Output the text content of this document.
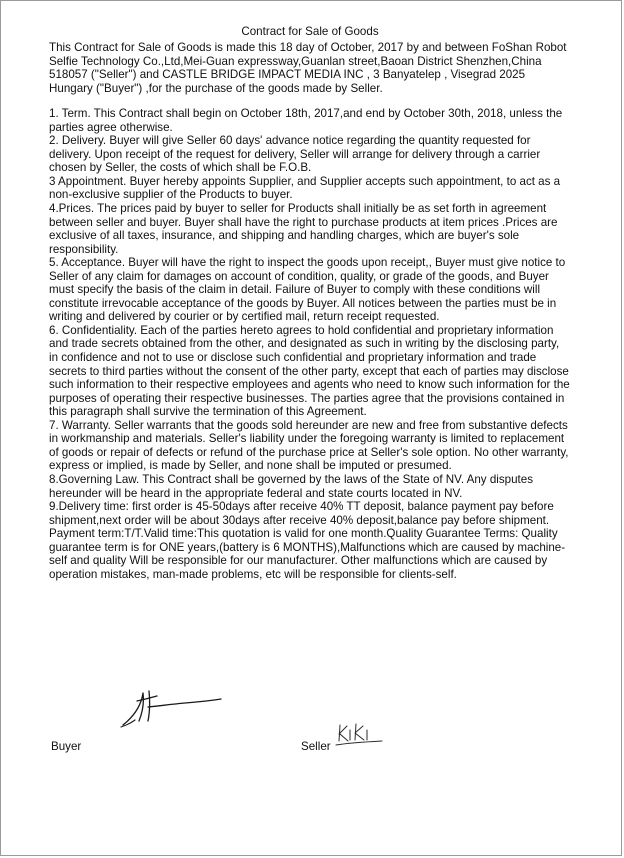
Contract for Sale of Goods

This Contract for Sale of Goods is made this 18 day of October, 2017 by and between FoShan Robot Selfie Technology Co.,Ltd,Mei-Guan expressway,Guanlan street,Baoan District Shenzhen,China 518057 ("Seller") and CASTLE BRIDGE IMPACT MEDIA INC , 3 Banyatelep , Visegrad 2025 Hungary ("Buyer") ,for the purchase of the goods made by Seller.

1. Term. This Contract shall begin on October 18th, 2017,and end by October 30th, 2018, unless the parties agree otherwise.

2. Delivery. Buyer will give Seller 60 days' advance notice regarding the quantity requested for delivery. Upon receipt of the request for delivery, Seller will arrange for delivery through a carrier chosen by Seller, the costs of which shall be F.O.B.

3 Appointment. Buyer hereby appoints Supplier, and Supplier accepts such appointment, to act as a non-exclusive supplier of the Products to buyer.

4.Prices. The prices paid by buyer to seller for Products shall initially be as set forth in agreement between seller and buyer. Buyer shall have the right to purchase products at item prices .Prices are exclusive of all taxes, insurance, and shipping and handling charges, which are buyer's sole responsibility.

5. Acceptance. Buyer will have the right to inspect the goods upon receipt,, Buyer must give notice to Seller of any claim for damages on account of condition, quality, or grade of the goods, and Buyer must specify the basis of the claim in detail. Failure of Buyer to comply with these conditions will constitute irrevocable acceptance of the goods by Buyer. All notices between the parties must be in writing and delivered by courier or by certified mail, return receipt requested.

6. Confidentiality. Each of the parties hereto agrees to hold confidential and proprietary information and trade secrets obtained from the other, and designated as such in writing by the disclosing party, in confidence and not to use or disclose such confidential and proprietary information and trade secrets to third parties without the consent of the other party, except that each of parties may disclose such information to their respective employees and agents who need to know such information for the purposes of operating their respective businesses. The parties agree that the provisions contained in this paragraph shall survive the termination of this Agreement.

7. Warranty. Seller warrants that the goods sold hereunder are new and free from substantive defects in workmanship and materials. Seller's liability under the foregoing warranty is limited to replacement of goods or repair of defects or refund of the purchase price at Seller's sole option. No other warranty, express or implied, is made by Seller, and none shall be imputed or presumed.

8.Governing Law. This Contract shall be governed by the laws of the State of NV. Any disputes hereunder will be heard in the appropriate federal and state courts located in NV.

9.Delivery time: first order is 45-50days after receive 40% TT deposit, balance payment pay before shipment,next order will be about 30days after receive 40% deposit,balance pay before shipment. Payment term:T/T.Valid time:This quotation is valid for one month.Quality Guarantee Terms: Quality guarantee term is for ONE years,(battery is 6 MONTHS),Malfunctions which are caused by machine-self and quality Will be responsible for our manufacturer. Other malfunctions which are caused by operation mistakes, man-made problems, etc will be responsible for clients-self.

Buyer	Seller
